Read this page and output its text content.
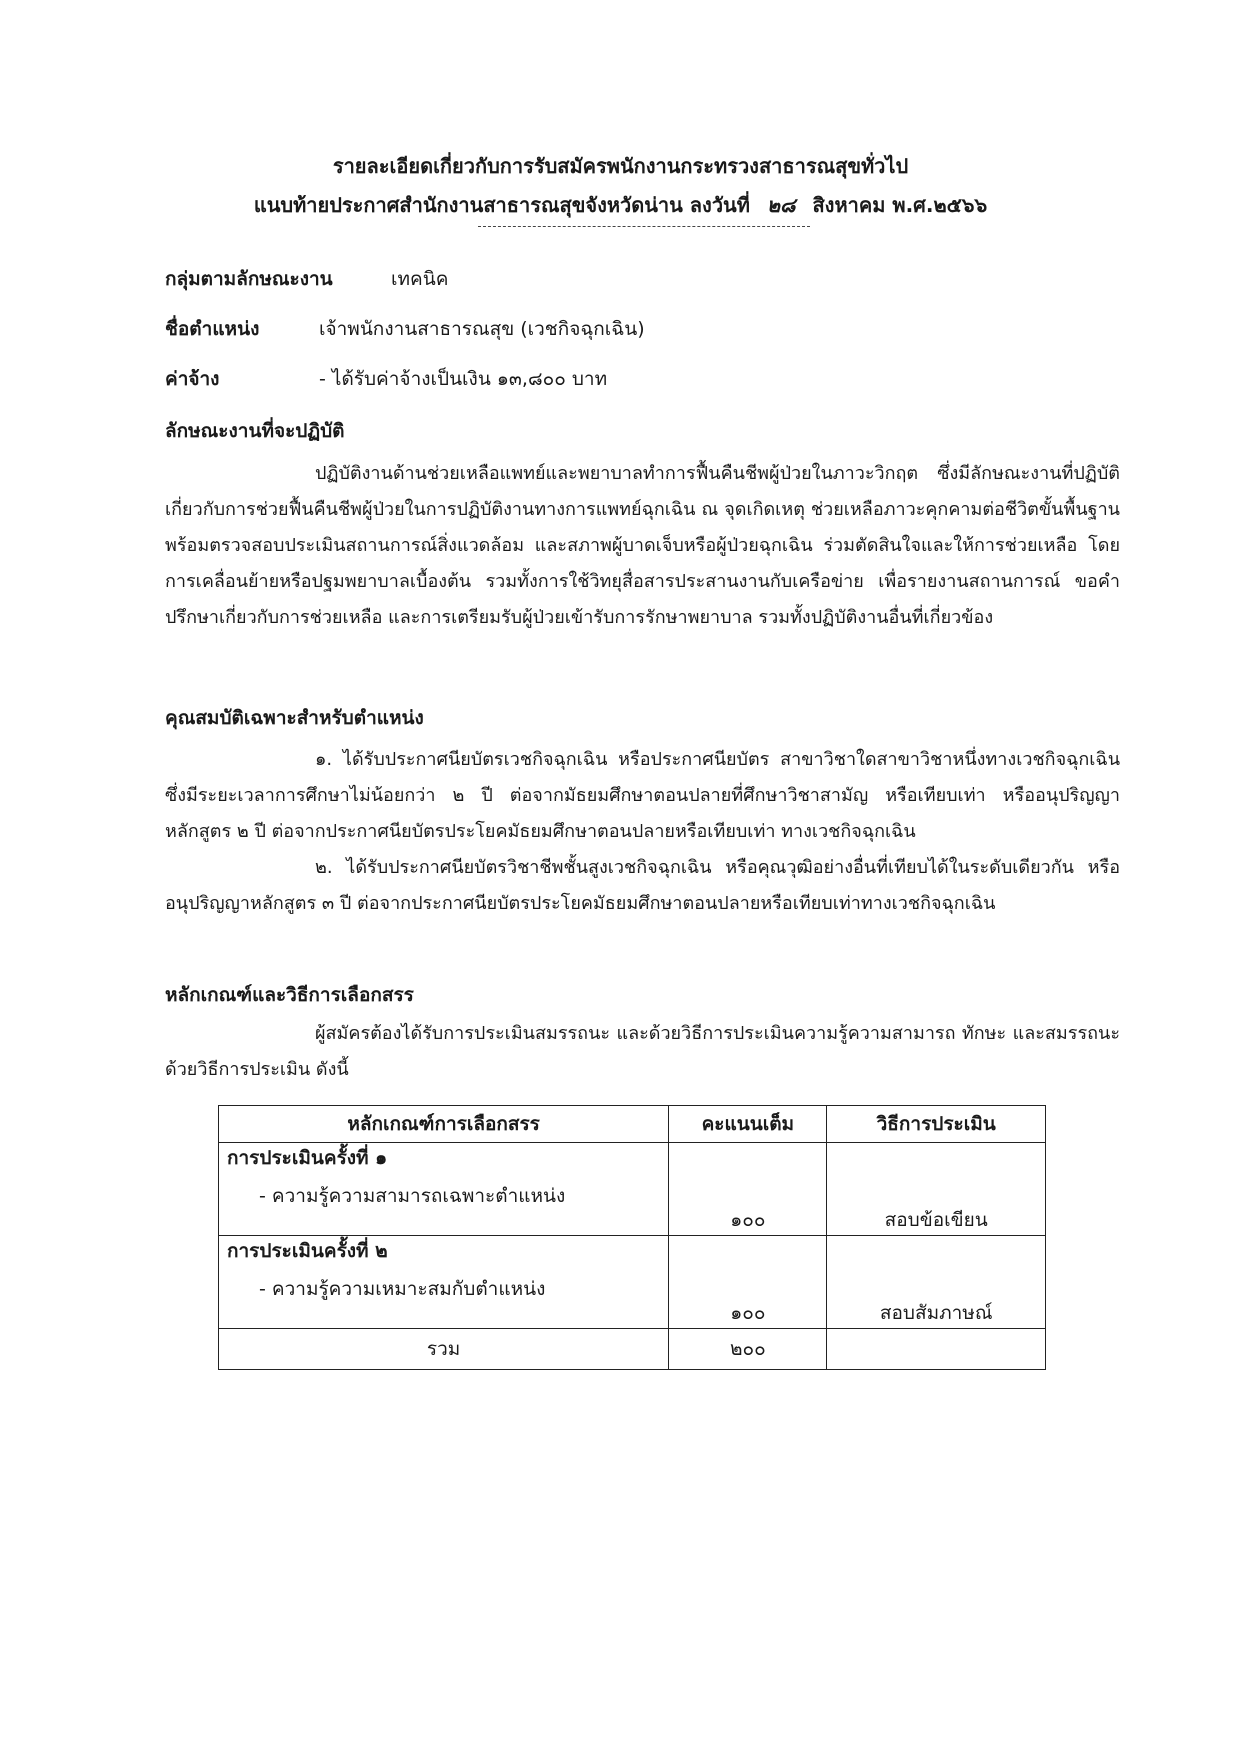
รายละเอียดเกี่ยวกับการรับสมัครพนักงานกระทรวงสาธารณสุขทั่วไป
แนบท้ายประกาศสำนักงานสาธารณสุขจังหวัดน่าน ลงวันที่ ๒๘ สิงหาคม พ.ศ.๒๕๖๖
กลุ่มตามลักษณะงาน	เทคนิค
ชื่อตำแหน่ง	เจ้าพนักงานสาธารณสุข (เวชกิจฉุกเฉิน)
ค่าจ้าง	- ได้รับค่าจ้างเป็นเงิน ๑๓,๘๐๐ บาท
ลักษณะงานที่จะปฏิบัติ

ปฏิบัติงานด้านช่วยเหลือแพทย์และพยาบาลทำการฟื้นคืนชีพผู้ป่วยในภาวะวิกฤต ซึ่งมีลักษณะงานที่ปฏิบัติเกี่ยวกับการช่วยฟื้นคืนชีพผู้ป่วยในการปฏิบัติงานทางการแพทย์ฉุกเฉิน ณ จุดเกิดเหตุ ช่วยเหลือภาวะคุกคามต่อชีวิตขั้นพื้นฐาน พร้อมตรวจสอบประเมินสถานการณ์สิ่งแวดล้อม และสภาพผู้บาดเจ็บหรือผู้ป่วยฉุกเฉิน ร่วมตัดสินใจและให้การช่วยเหลือ โดยการเคลื่อนย้ายหรือปฐมพยาบาลเบื้องต้น รวมทั้งการใช้วิทยุสื่อสารประสานงานกับเครือข่าย เพื่อรายงานสถานการณ์ ขอคำปรึกษาเกี่ยวกับการช่วยเหลือ และการเตรียมรับผู้ป่วยเข้ารับการรักษาพยาบาล รวมทั้งปฏิบัติงานอื่นที่เกี่ยวข้อง

คุณสมบัติเฉพาะสำหรับตำแหน่ง

๑. ได้รับประกาศนียบัตรเวชกิจฉุกเฉิน หรือประกาศนียบัตร สาขาวิชาใดสาขาวิชาหนึ่งทางเวชกิจฉุกเฉิน ซึ่งมีระยะเวลาการศึกษาไม่น้อยกว่า ๒ ปี ต่อจากมัธยมศึกษาตอนปลายที่ศึกษาวิชาสามัญ หรือเทียบเท่า หรืออนุปริญญาหลักสูตร ๒ ปี ต่อจากประกาศนียบัตรประโยคมัธยมศึกษาตอนปลายหรือเทียบเท่า ทางเวชกิจฉุกเฉิน

๒. ได้รับประกาศนียบัตรวิชาชีพชั้นสูงเวชกิจฉุกเฉิน หรือคุณวุฒิอย่างอื่นที่เทียบได้ในระดับเดียวกัน หรืออนุปริญญาหลักสูตร ๓ ปี ต่อจากประกาศนียบัตรประโยคมัธยมศึกษาตอนปลายหรือเทียบเท่าทางเวชกิจฉุกเฉิน

หลักเกณฑ์และวิธีการเลือกสรร

ผู้สมัครต้องได้รับการประเมินสมรรถนะ และด้วยวิธีการประเมินความรู้ความสามารถ ทักษะ และสมรรถนะ ด้วยวิธีการประเมิน ดังนี้

หลักเกณฑ์การเลือกสรร	คะแนนเต็ม	วิธีการประเมิน

การประเมินครั้งที่ ๑
- ความรู้ความสามารถเฉพาะตำแหน่ง	๑๐๐	สอบข้อเขียน

การประเมินครั้งที่ ๒
- ความรู้ความเหมาะสมกับตำแหน่ง	๑๐๐	สอบสัมภาษณ์
รวม	๒๐๐	
